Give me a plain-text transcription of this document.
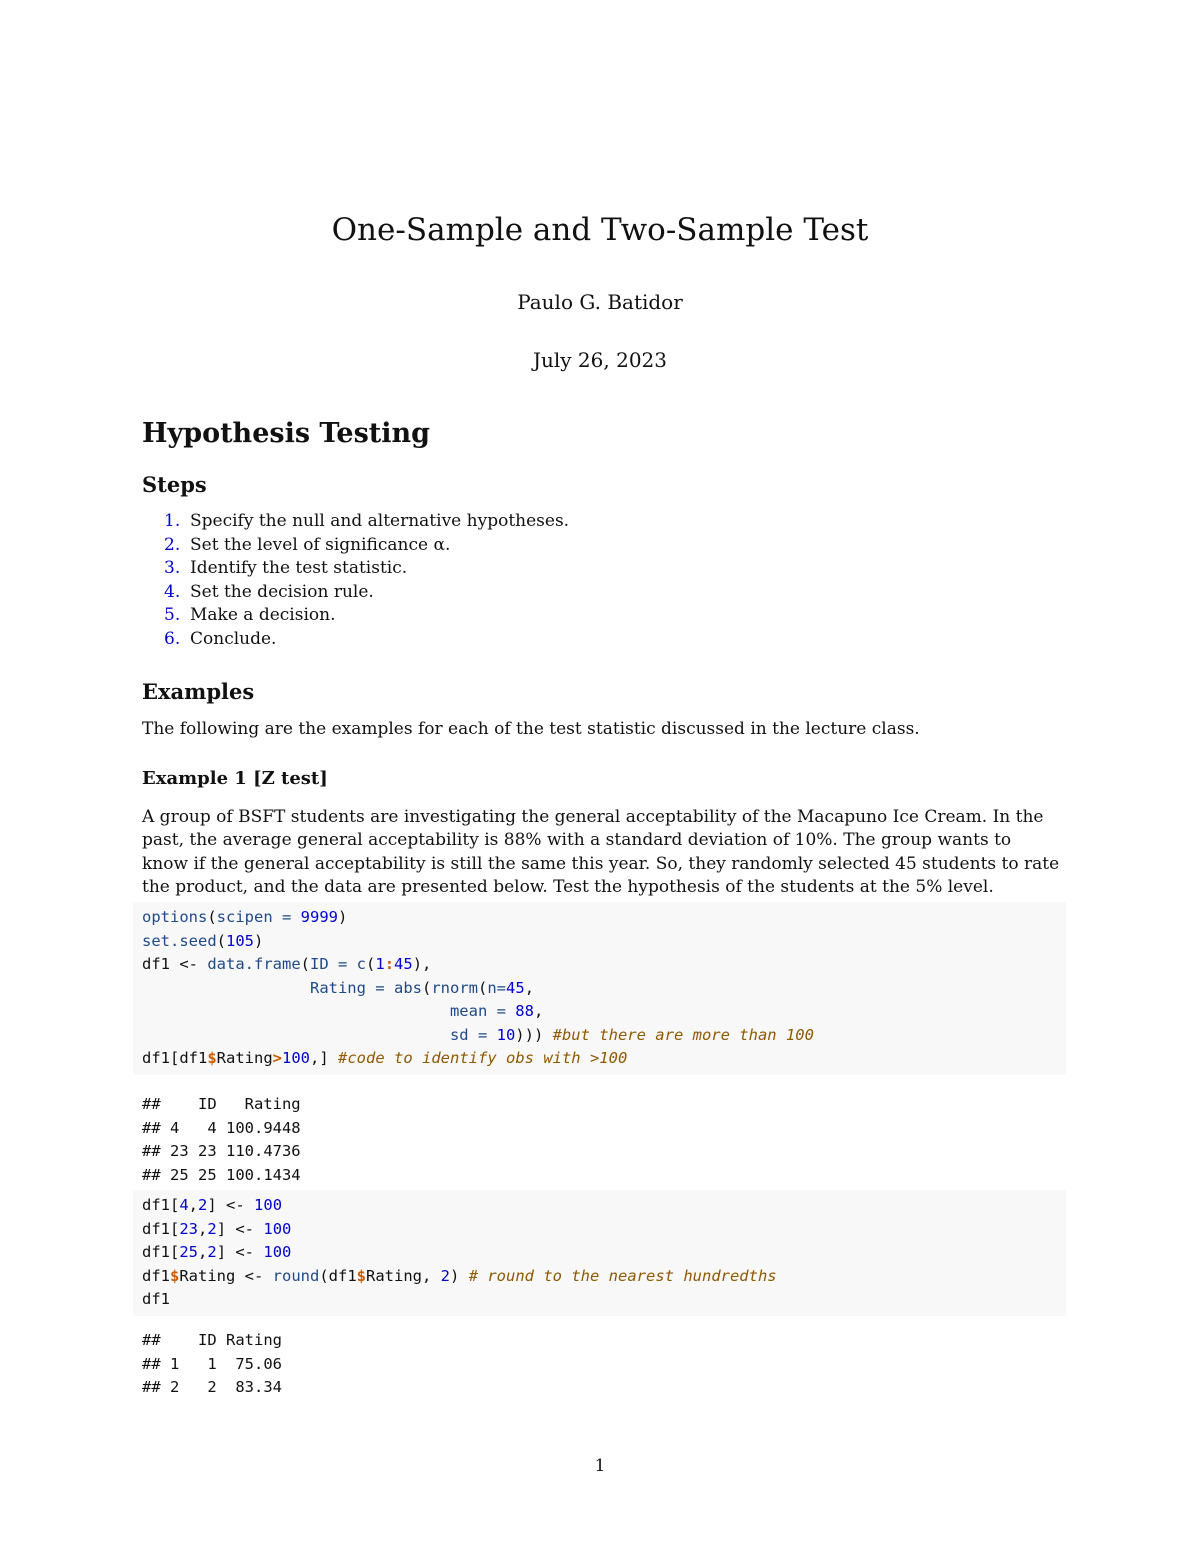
One-Sample and Two-Sample Test
Paulo G. Batidor
July 26, 2023
Hypothesis Testing
Steps
1. Specify the null and alternative hypotheses.
2. Set the level of significance α.
3. Identify the test statistic.
4. Set the decision rule.
5. Make a decision.
6. Conclude.
Examples

The following are the examples for each of the test statistic discussed in the lecture class.

Example 1 [Z test]

A group of BSFT students are investigating the general acceptability of the Macapuno Ice Cream. In the past, the average general acceptability is 88% with a standard deviation of 10%. The group wants to know if the general acceptability is still the same this year. So, they randomly selected 45 students to rate the product, and the data are presented below. Test the hypothesis of the students at the 5% level.

options(scipen = 9999)
set.seed(105)
df1 <- data.frame(ID = c(1:45),
Rating = abs(rnorm(n=45,
mean = 88,
sd = 10))) #but there are more than 100
df1[df1$Rating>100,] #code to identify obs with >100
##    ID   Rating
## 4   4 100.9448
## 23 23 110.4736
## 25 25 100.1434
df1[4,2] <- 100
df1[23,2] <- 100
df1[25,2] <- 100
df1$Rating <- round(df1$Rating, 2) # round to the nearest hundredths
df1
##    ID Rating
## 1   1  75.06
## 2   2  83.34
1
